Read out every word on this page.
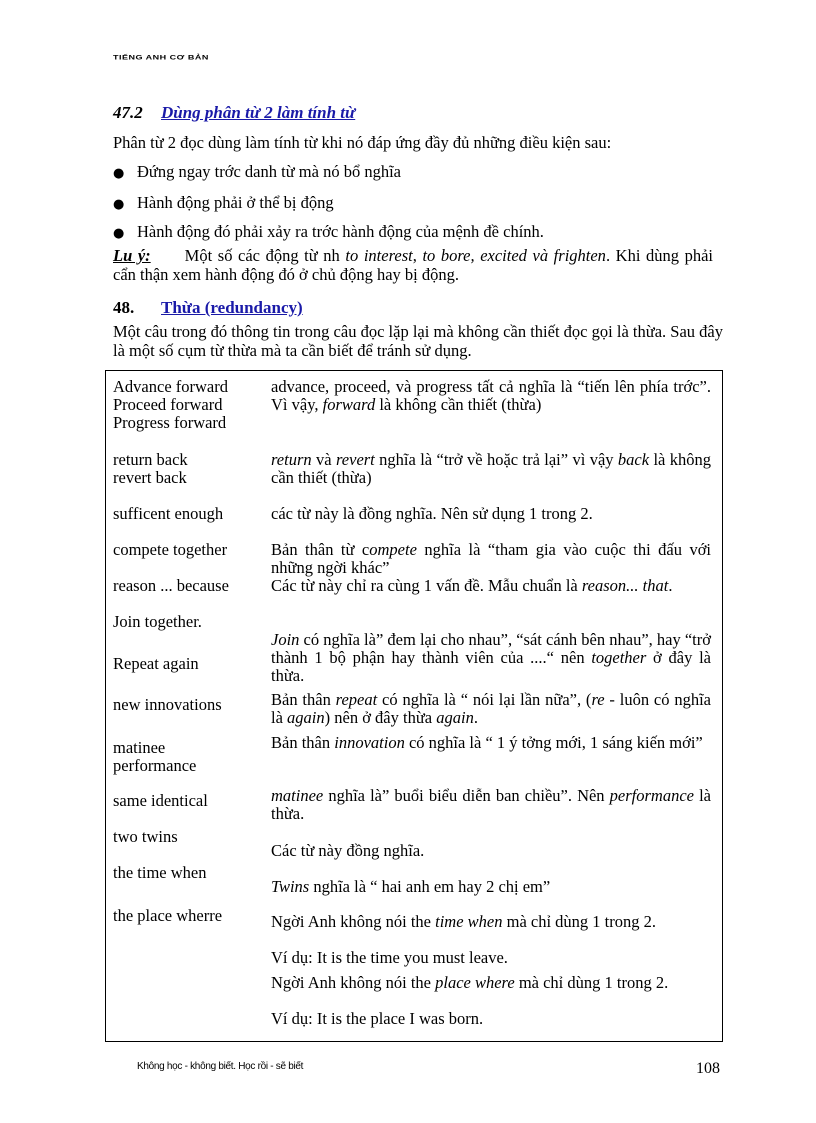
TIẾNG ANH CƠ BẢN
47.2 Dùng phân từ 2 làm tính từ
Phân từ 2 đọc dùng làm tính từ khi nó đáp ứng đầy đủ những điều kiện sau:
● Đứng ngay trớc danh từ mà nó bổ nghĩa
● Hành động phải ở thể bị động
● Hành động đó phải xảy ra trớc hành động của mệnh đề chính.
Lu ý: Một số các động từ nh to interest, to bore, excited và frighten. Khi dùng phải cẩn thận xem hành động đó ở chủ động hay bị động.
48. Thừa (redundancy)
Một câu trong đó thông tin trong câu đọc lặp lại mà không cần thiết đọc gọi là thừa. Sau đây là một số cụm từ thừa mà ta cần biết để tránh sử dụng.
Advance forward
Proceed forward
Progress forward
return back
revert back
sufficent enough
compete together
reason ... because
Join together.
Repeat again
new innovations
matinee
performance
same identical
two twins
the time when
the place wherre
advance, proceed, và progress tất cả nghĩa là “tiến lên phía trớc”. Vì vậy, forward là không cần thiết (thừa)
return và revert nghĩa là “trở về hoặc trả lại” vì vậy back là không cần thiết (thừa)
các từ này là đồng nghĩa. Nên sử dụng 1 trong 2.
Bản thân từ compete nghĩa là “tham gia vào cuộc thi đấu với những ngời khác”
Các từ này chỉ ra cùng 1 vấn đề. Mẫu chuẩn là reason... that.
Join có nghĩa là” đem lại cho nhau”, “sát cánh bên nhau”, hay “trở thành 1 bộ phận hay thành viên của ....“ nên together ở đây là thừa.
Bản thân repeat có nghĩa là “ nói lại lần nữa”, (re - luôn có nghĩa là again) nên ở đây thừa again.
Bản thân innovation có nghĩa là “ 1 ý tởng mới, 1 sáng kiến mới”
matinee nghĩa là” buổi biểu diễn ban chiều”. Nên performance là thừa.
Các từ này đồng nghĩa.
Twins nghĩa là “ hai anh em hay 2 chị em”
Ngời Anh không nói the time when mà chỉ dùng 1 trong 2.
Ví dụ: It is the time you must leave.
Ngời Anh không nói the place where mà chỉ dùng 1 trong 2.
Ví dụ: It is the place I was born.
Không học - không biết. Học rồi - sẽ biết	108
